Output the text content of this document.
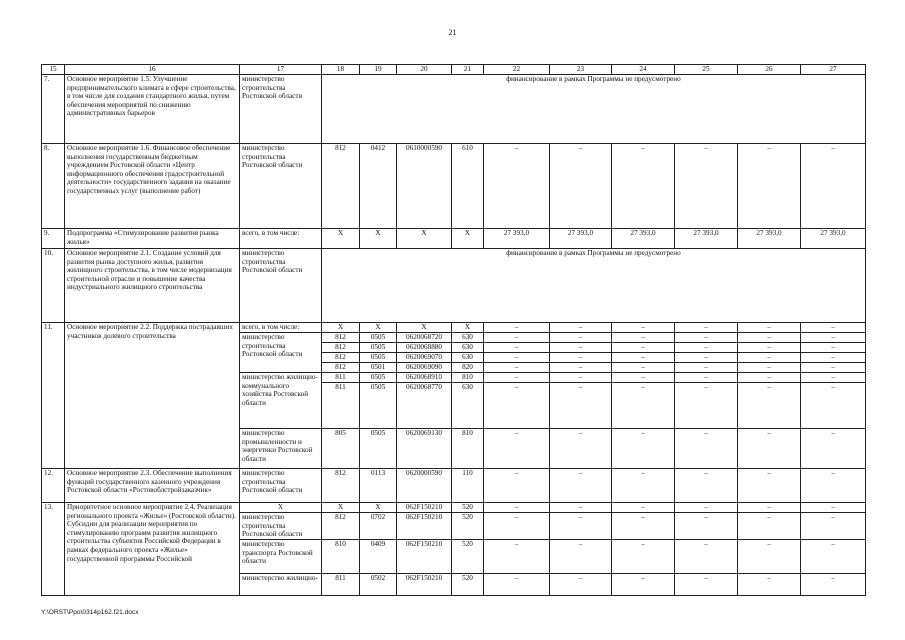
21
15	16	17	18	19	20	21	22	23	24	25	26	27
7.	Основное мероприятие 1.5. Улучшение предпринимательского климата в сфере строительства, в том числе для создания стандартного жилья, путем обеспечения мероприятий по снижению административных барьеров	министерство строительства Ростовской области	финансирование в рамках Программы не предусмотрено									
8.	Основное мероприятие 1.6. Финансовое обеспечение выполнения государственным бюджетным учреждением Ростовской области «Центр информационного обеспечения градостроительной деятельности» государственного задания на оказание государственных услуг (выполнение работ)	министерство строительства Ростовской области	812	0412	0610000590	610	–	–	–	–	–	–
9.	Подпрограмма «Стимулирование развития рынка жилья»	всего, в том числе:	Х	Х	Х	Х	27 393,0	27 393,0	27 393,0	27 393,0	27 393,0	27 393,0
10.	Основное мероприятие 2.1. Создание условий для развития рынка доступного жилья, развития жилищного строительства, в том числе модернизация строительной отрасли и повышение качества индустриального жилищного строительства	министерство строительства Ростовской области	финансирование в рамках Программы не предусмотрено									
11.	Основное мероприятие 2.2. Поддержка пострадавших участников долевого строительства	всего, в том числе:	Х	Х	Х	Х	–	–	–	–	–	–
		министерство строительства Ростовской области	812	0505	0620068720	630	–	–	–	–	–	–
			812	0505	0620068880	630	–	–	–	–	–	–
			812	0505	0620069070	630	–	–	–	–	–	–
			812	0501	0620069090	820	–	–	–	–	–	–
		министерство жилищно-коммунального хозяйства Ростовской области	811	0505	0620068910	810	–	–	–	–	–	–
			811	0505	0620068770	630	–	–	–	–	–	–
		министерство промышленности и энергетики Ростовской области	805	0505	0620069130	810	–	–	–	–	–	–
12.	Основное мероприятие 2.3. Обеспечение выполнения функций государственного казенного учреждения Ростовской области «Ростовоблстройзаказчик»	министерство строительства Ростовской области	812	0113	0620000590	110	–	–	–	–	–	–
13.	Приоритетное основное мероприятие 2.4. Реализация регионального проекта «Жилье» (Ростовской области). Субсидии для реализации мероприятия по стимулированию программ развития жилищного строительства субъектов Российской Федерации в рамках федерального проекта «Жилье» государственной программы Российской	Х	Х	Х	062F150210	520	–	–	–	–	–	–
		министерство строительства Ростовской области	812	0702	062F150210	520	–	–	–	–	–	–
		министерство транспорта Ростовской области	810	0409	062F150210	520	–	–	–	–	–	–
		министерство жилищно-	811	0502	062F150210	520	–	–	–	–	–	–
Y:\ORST\Ppo\0314p162.f21.docx
